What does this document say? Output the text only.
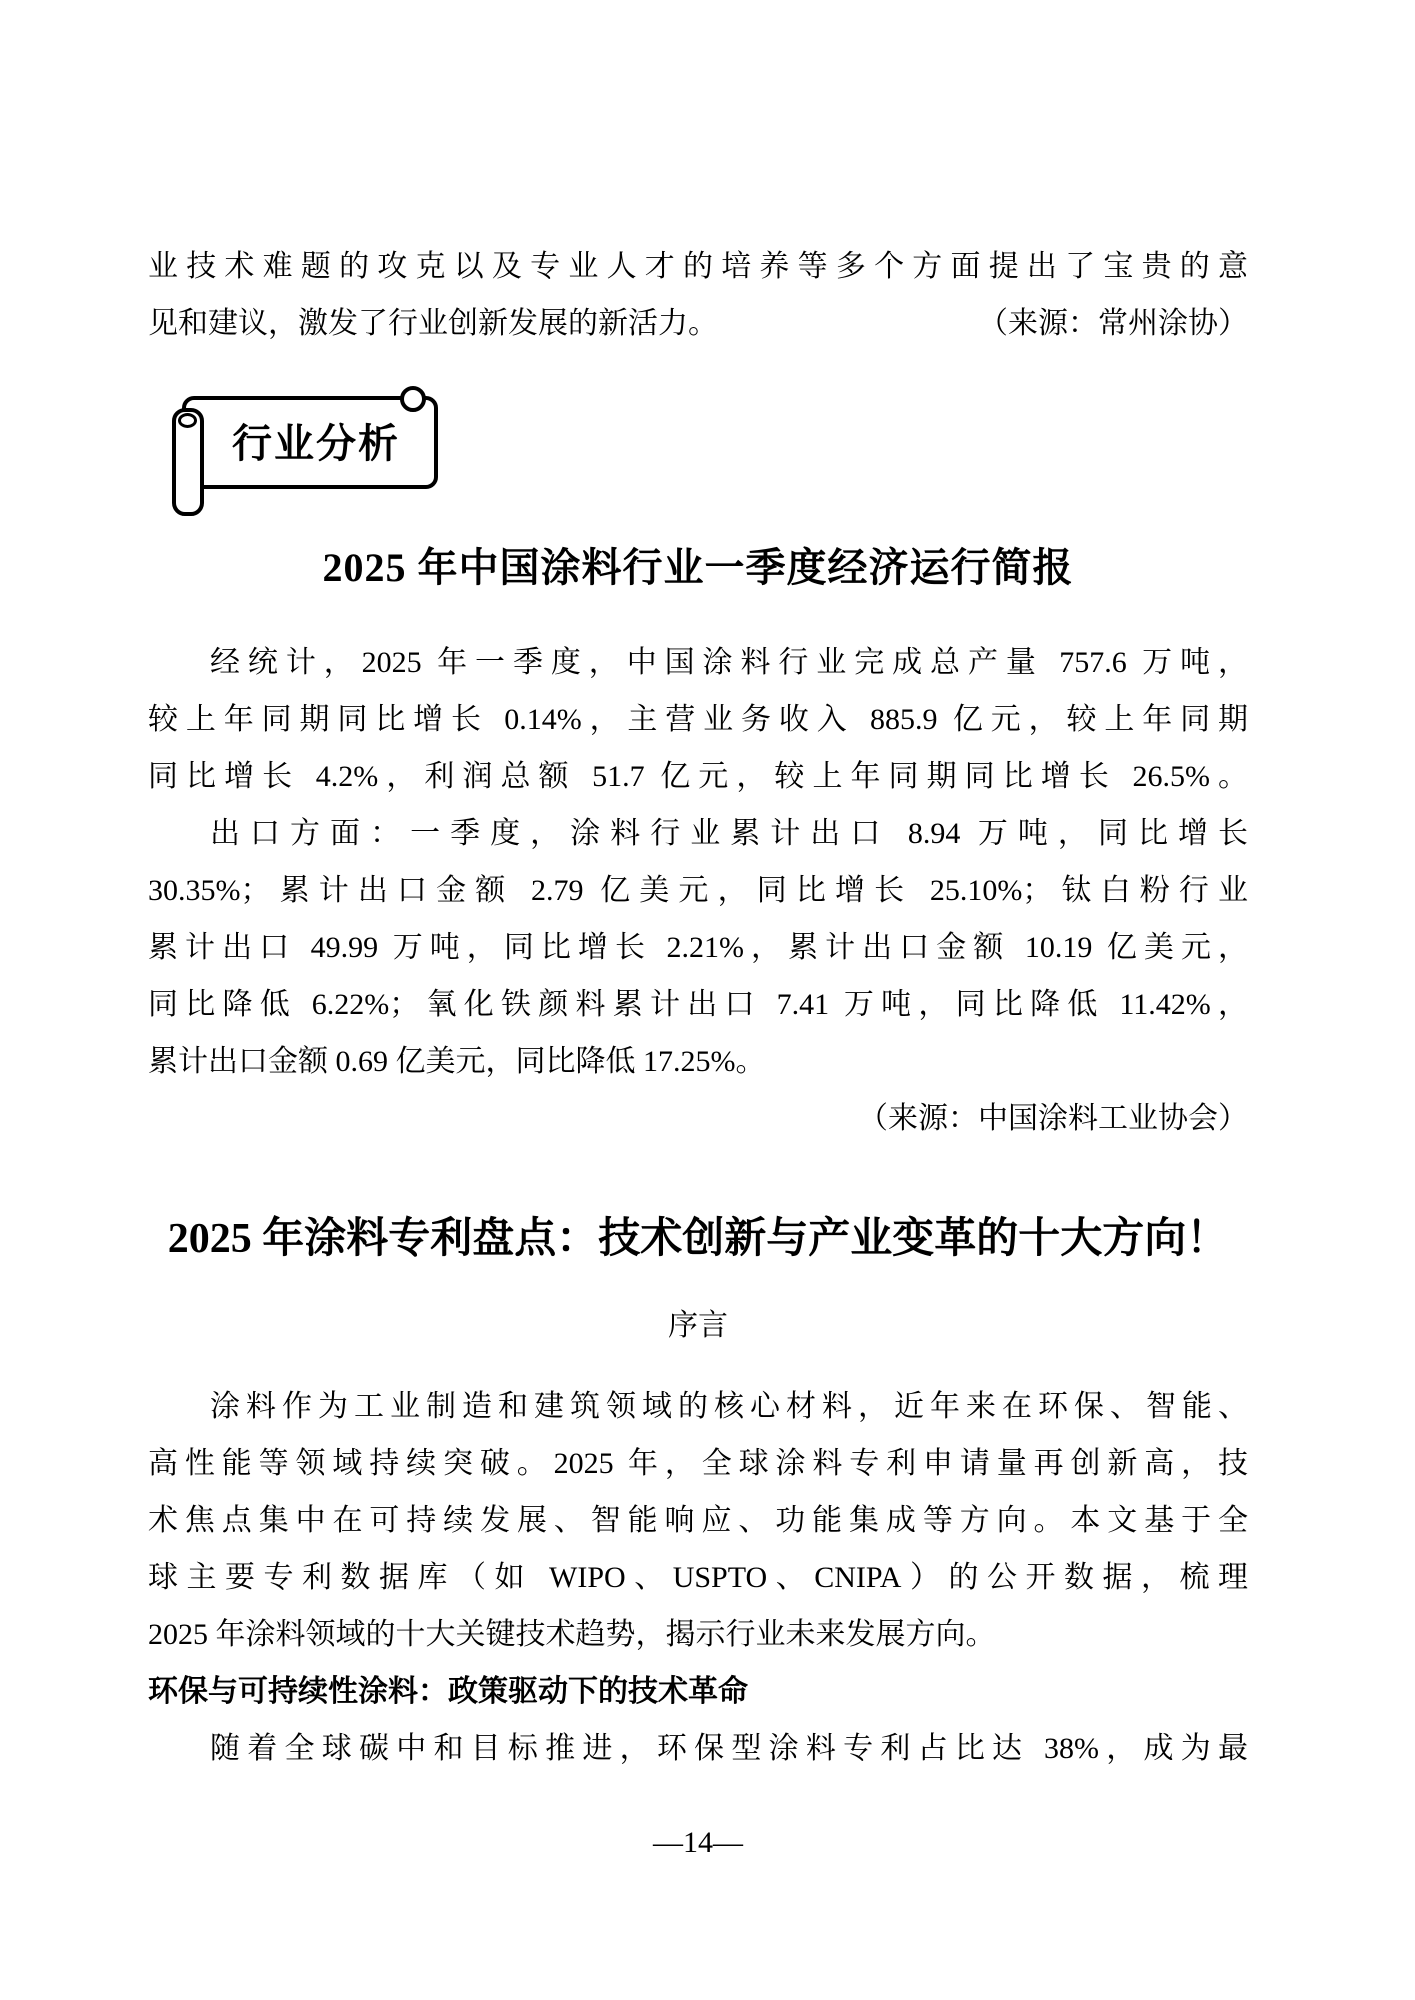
业技术难题的攻克以及专业人才的培养等多个方面提出了宝贵的意
见和建议，激发了行业创新发展的新活力。	（来源：常州涂协）
行业分析
2025 年中国涂料行业一季度经济运行简报
经统计，2025 年一季度，中国涂料行业完成总产量 757.6 万吨，
较上年同期同比增长 0.14%，主营业务收入 885.9 亿元，较上年同期
同比增长 4.2%，利润总额 51.7 亿元，较上年同期同比增长 26.5%。
出口方面：一季度，涂料行业累计出口 8.94 万吨，同比增长
30.35%；累计出口金额 2.79 亿美元，同比增长 25.10%；钛白粉行业
累计出口 49.99 万吨，同比增长 2.21%，累计出口金额 10.19 亿美元，
同比降低 6.22%；氧化铁颜料累计出口 7.41 万吨，同比降低 11.42%，
累计出口金额 0.69 亿美元，同比降低 17.25%。
（来源：中国涂料工业协会）
2025 年涂料专利盘点：技术创新与产业变革的十大方向！
序言
涂料作为工业制造和建筑领域的核心材料，近年来在环保、智能、
高性能等领域持续突破。2025 年，全球涂料专利申请量再创新高，技
术焦点集中在可持续发展、智能响应、功能集成等方向。本文基于全
球主要专利数据库（如 WIPO、USPTO、CNIPA）的公开数据，梳理
2025 年涂料领域的十大关键技术趋势，揭示行业未来发展方向。
环保与可持续性涂料：政策驱动下的技术革命
随着全球碳中和目标推进，环保型涂料专利占比达 38%，成为最
—14—
